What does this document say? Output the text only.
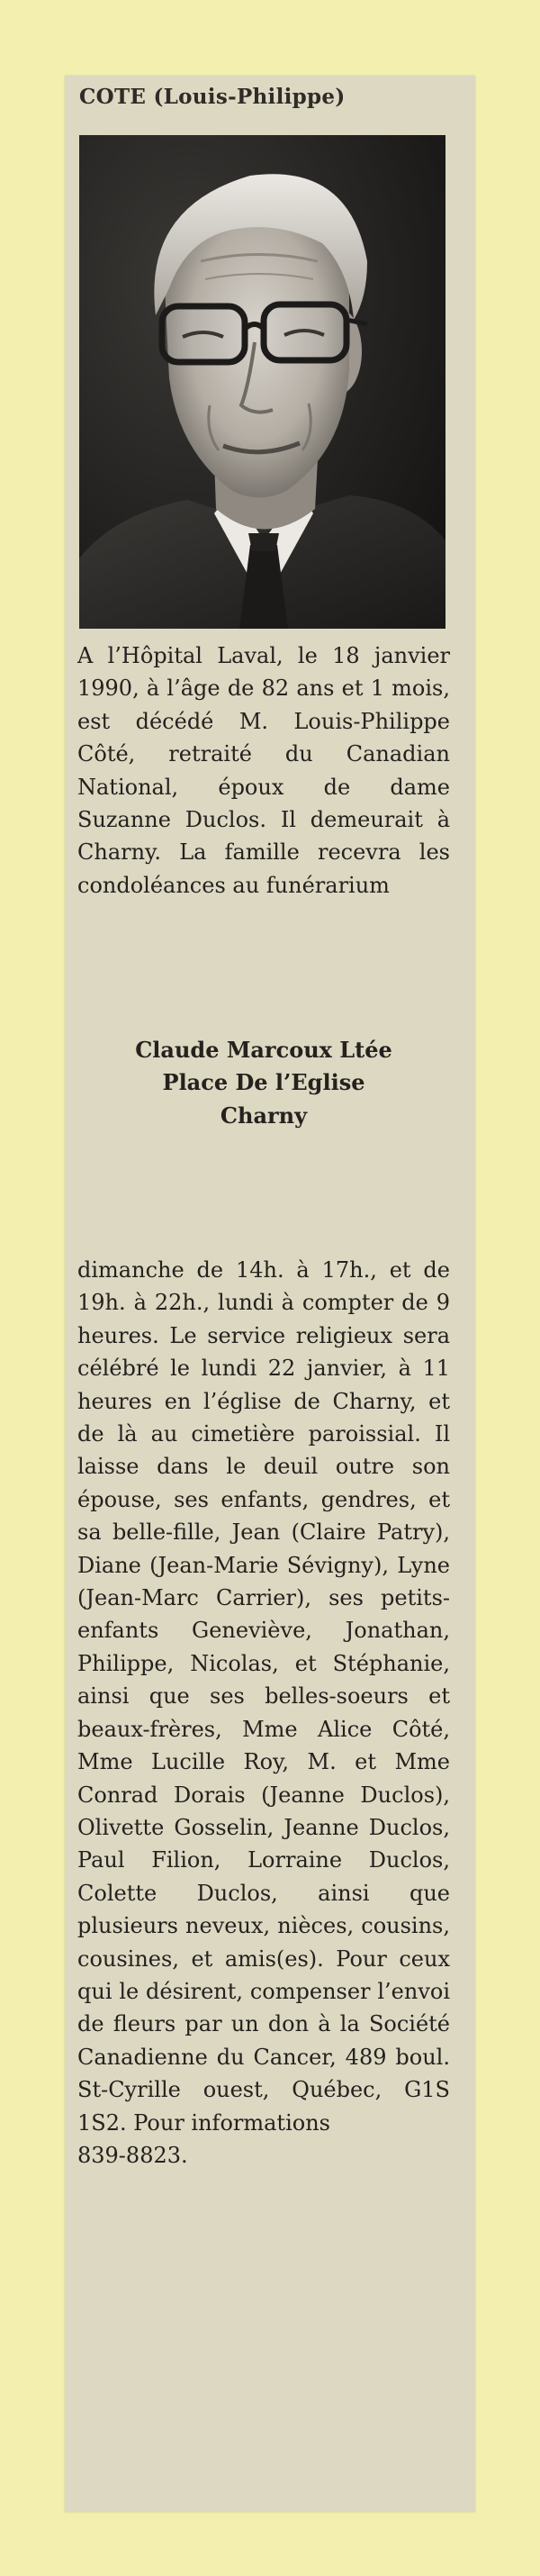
COTE (Louis-Philippe)

A l’Hôpital Laval, le 18 janvier 1990, à l’âge de 82 ans et 1 mois, est décédé M. Louis-Philippe Côté, retraité du Canadian National, époux de dame Suzanne Duclos. Il demeurait à Charny. La famille recevra les condoléances au funérarium

Claude Marcoux Ltée
Place De l’Eglise
Charny

dimanche de 14h. à 17h., et de 19h. à 22h., lundi à compter de 9 heures. Le service religieux sera célébré le lundi 22 janvier, à 11 heures en l’église de Charny, et de là au cimetière paroissial. Il laisse dans le deuil outre son épouse, ses enfants, gendres, et sa belle-fille, Jean (Claire Patry), Diane (Jean-Marie Sévigny), Lyne (Jean-Marc Carrier), ses petits-enfants Geneviève, Jonathan, Philippe, Nicolas, et Stéphanie, ainsi que ses belles-soeurs et beaux-frères, Mme Alice Côté, Mme Lucille Roy, M. et Mme Conrad Dorais (Jeanne Duclos), Olivette Gosselin, Jeanne Duclos, Paul Filion, Lorraine Duclos, Colette Duclos, ainsi que plusieurs neveux, nièces, cousins, cousines, et amis(es). Pour ceux qui le désirent, compenser l’envoi de fleurs par un don à la Société Canadienne du Cancer, 489 boul. St-Cyrille ouest, Québec, G1S 1S2. Pour informations

839-8823.
